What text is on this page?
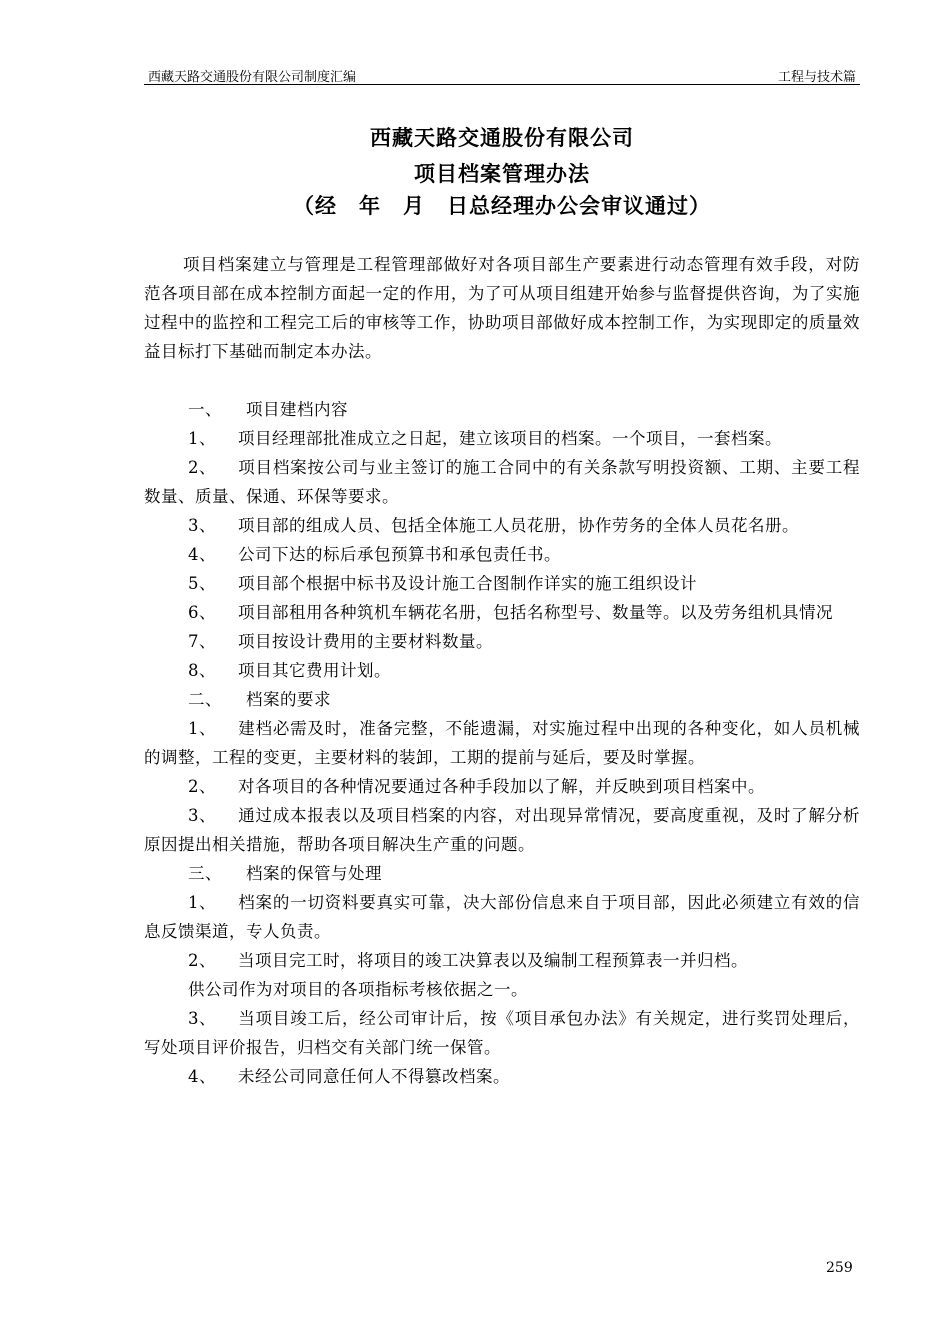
西藏天路交通股份有限公司制度汇编	工程与技术篇
西藏天路交通股份有限公司
项目档案管理办法
（经　年　月　日总经理办公会审议通过）

项目档案建立与管理是工程管理部做好对各项目部生产要素进行动态管理有效手段，对防范各项目部在成本控制方面起一定的作用，为了可从项目组建开始参与监督提供咨询，为了实施过程中的监控和工程完工后的审核等工作，协助项目部做好成本控制工作，为实现即定的质量效益目标打下基础而制定本办法。

一、 项目建档内容

1、 项目经理部批准成立之日起，建立该项目的档案。一个项目，一套档案。

2、 项目档案按公司与业主签订的施工合同中的有关条款写明投资额、工期、主要工程数量、质量、保通、环保等要求。

3、 项目部的组成人员、包括全体施工人员花册，协作劳务的全体人员花名册。

4、 公司下达的标后承包预算书和承包责任书。

5、 项目部个根据中标书及设计施工合图制作详实的施工组织设计

6、 项目部租用各种筑机车辆花名册，包括名称型号、数量等。以及劳务组机具情况

7、 项目按设计费用的主要材料数量。

8、 项目其它费用计划。

二、 档案的要求

1、 建档必需及时，准备完整，不能遗漏，对实施过程中出现的各种变化，如人员机械的调整，工程的变更，主要材料的装卸，工期的提前与延后，要及时掌握。

2、 对各项目的各种情况要通过各种手段加以了解，并反映到项目档案中。

3、 通过成本报表以及项目档案的内容，对出现异常情况，要高度重视，及时了解分析原因提出相关措施，帮助各项目解决生产重的问题。

三、 档案的保管与处理

1、 档案的一切资料要真实可靠，决大部份信息来自于项目部，因此必须建立有效的信息反馈渠道，专人负责。

2、 当项目完工时，将项目的竣工决算表以及编制工程预算表一并归档。

供公司作为对项目的各项指标考核依据之一。

3、 当项目竣工后，经公司审计后，按《项目承包办法》有关规定，进行奖罚处理后，写处项目评价报告，归档交有关部门统一保管。

4、 未经公司同意任何人不得篡改档案。

259
